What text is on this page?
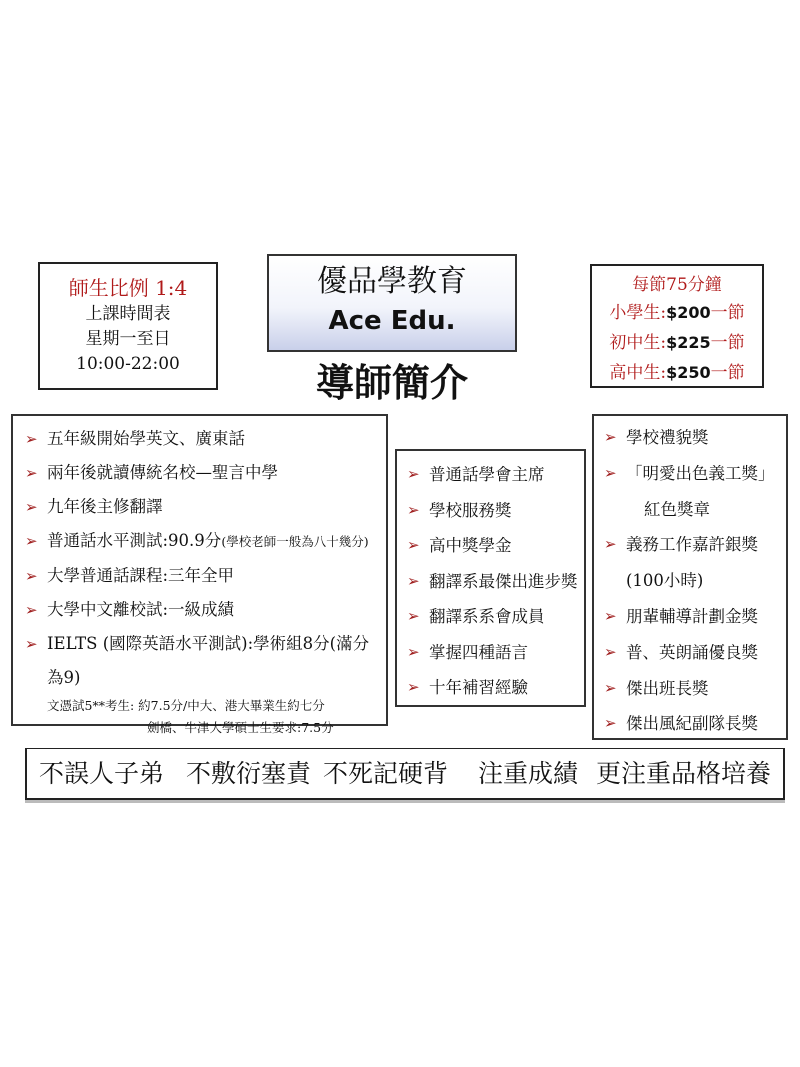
師生比例 1:4
上課時間表
星期一至日
10:00-22:00
優品學教育
Ace Edu.
導師簡介
每節75分鐘
小學生:$200一節
初中生:$225一節
高中生:$250一節
➢ 五年級開始學英文、廣東話
➢ 兩年後就讀傳統名校—聖言中學
➢ 九年後主修翻譯
➢ 普通話水平測試:90.9分(學校老師一般為八十幾分)
➢ 大學普通話課程:三年全甲
➢ 大學中文離校試:一級成績
➢ IELTS (國際英語水平測試):學術組8分(滿分為9)
文憑試5**考生: 約7.5分/中大、港大畢業生約七分
劍橋、牛津大學碩士生要求:7.5分
➢ 普通話學會主席
➢ 學校服務獎
➢ 高中獎學金
➢ 翻譯系最傑出進步獎
➢ 翻譯系系會成員
➢ 掌握四種語言
➢ 十年補習經驗
➢ 學校禮貌獎
➢ 「明愛出色義工獎」
紅色獎章
➢ 義務工作嘉許銀獎
(100小時)
➢ 朋輩輔導計劃金獎
➢ 普、英朗誦優良獎
➢ 傑出班長獎
➢ 傑出風紀副隊長獎
不誤人子弟 不敷衍塞責 不死記硬背 注重成績 更注重品格培養
